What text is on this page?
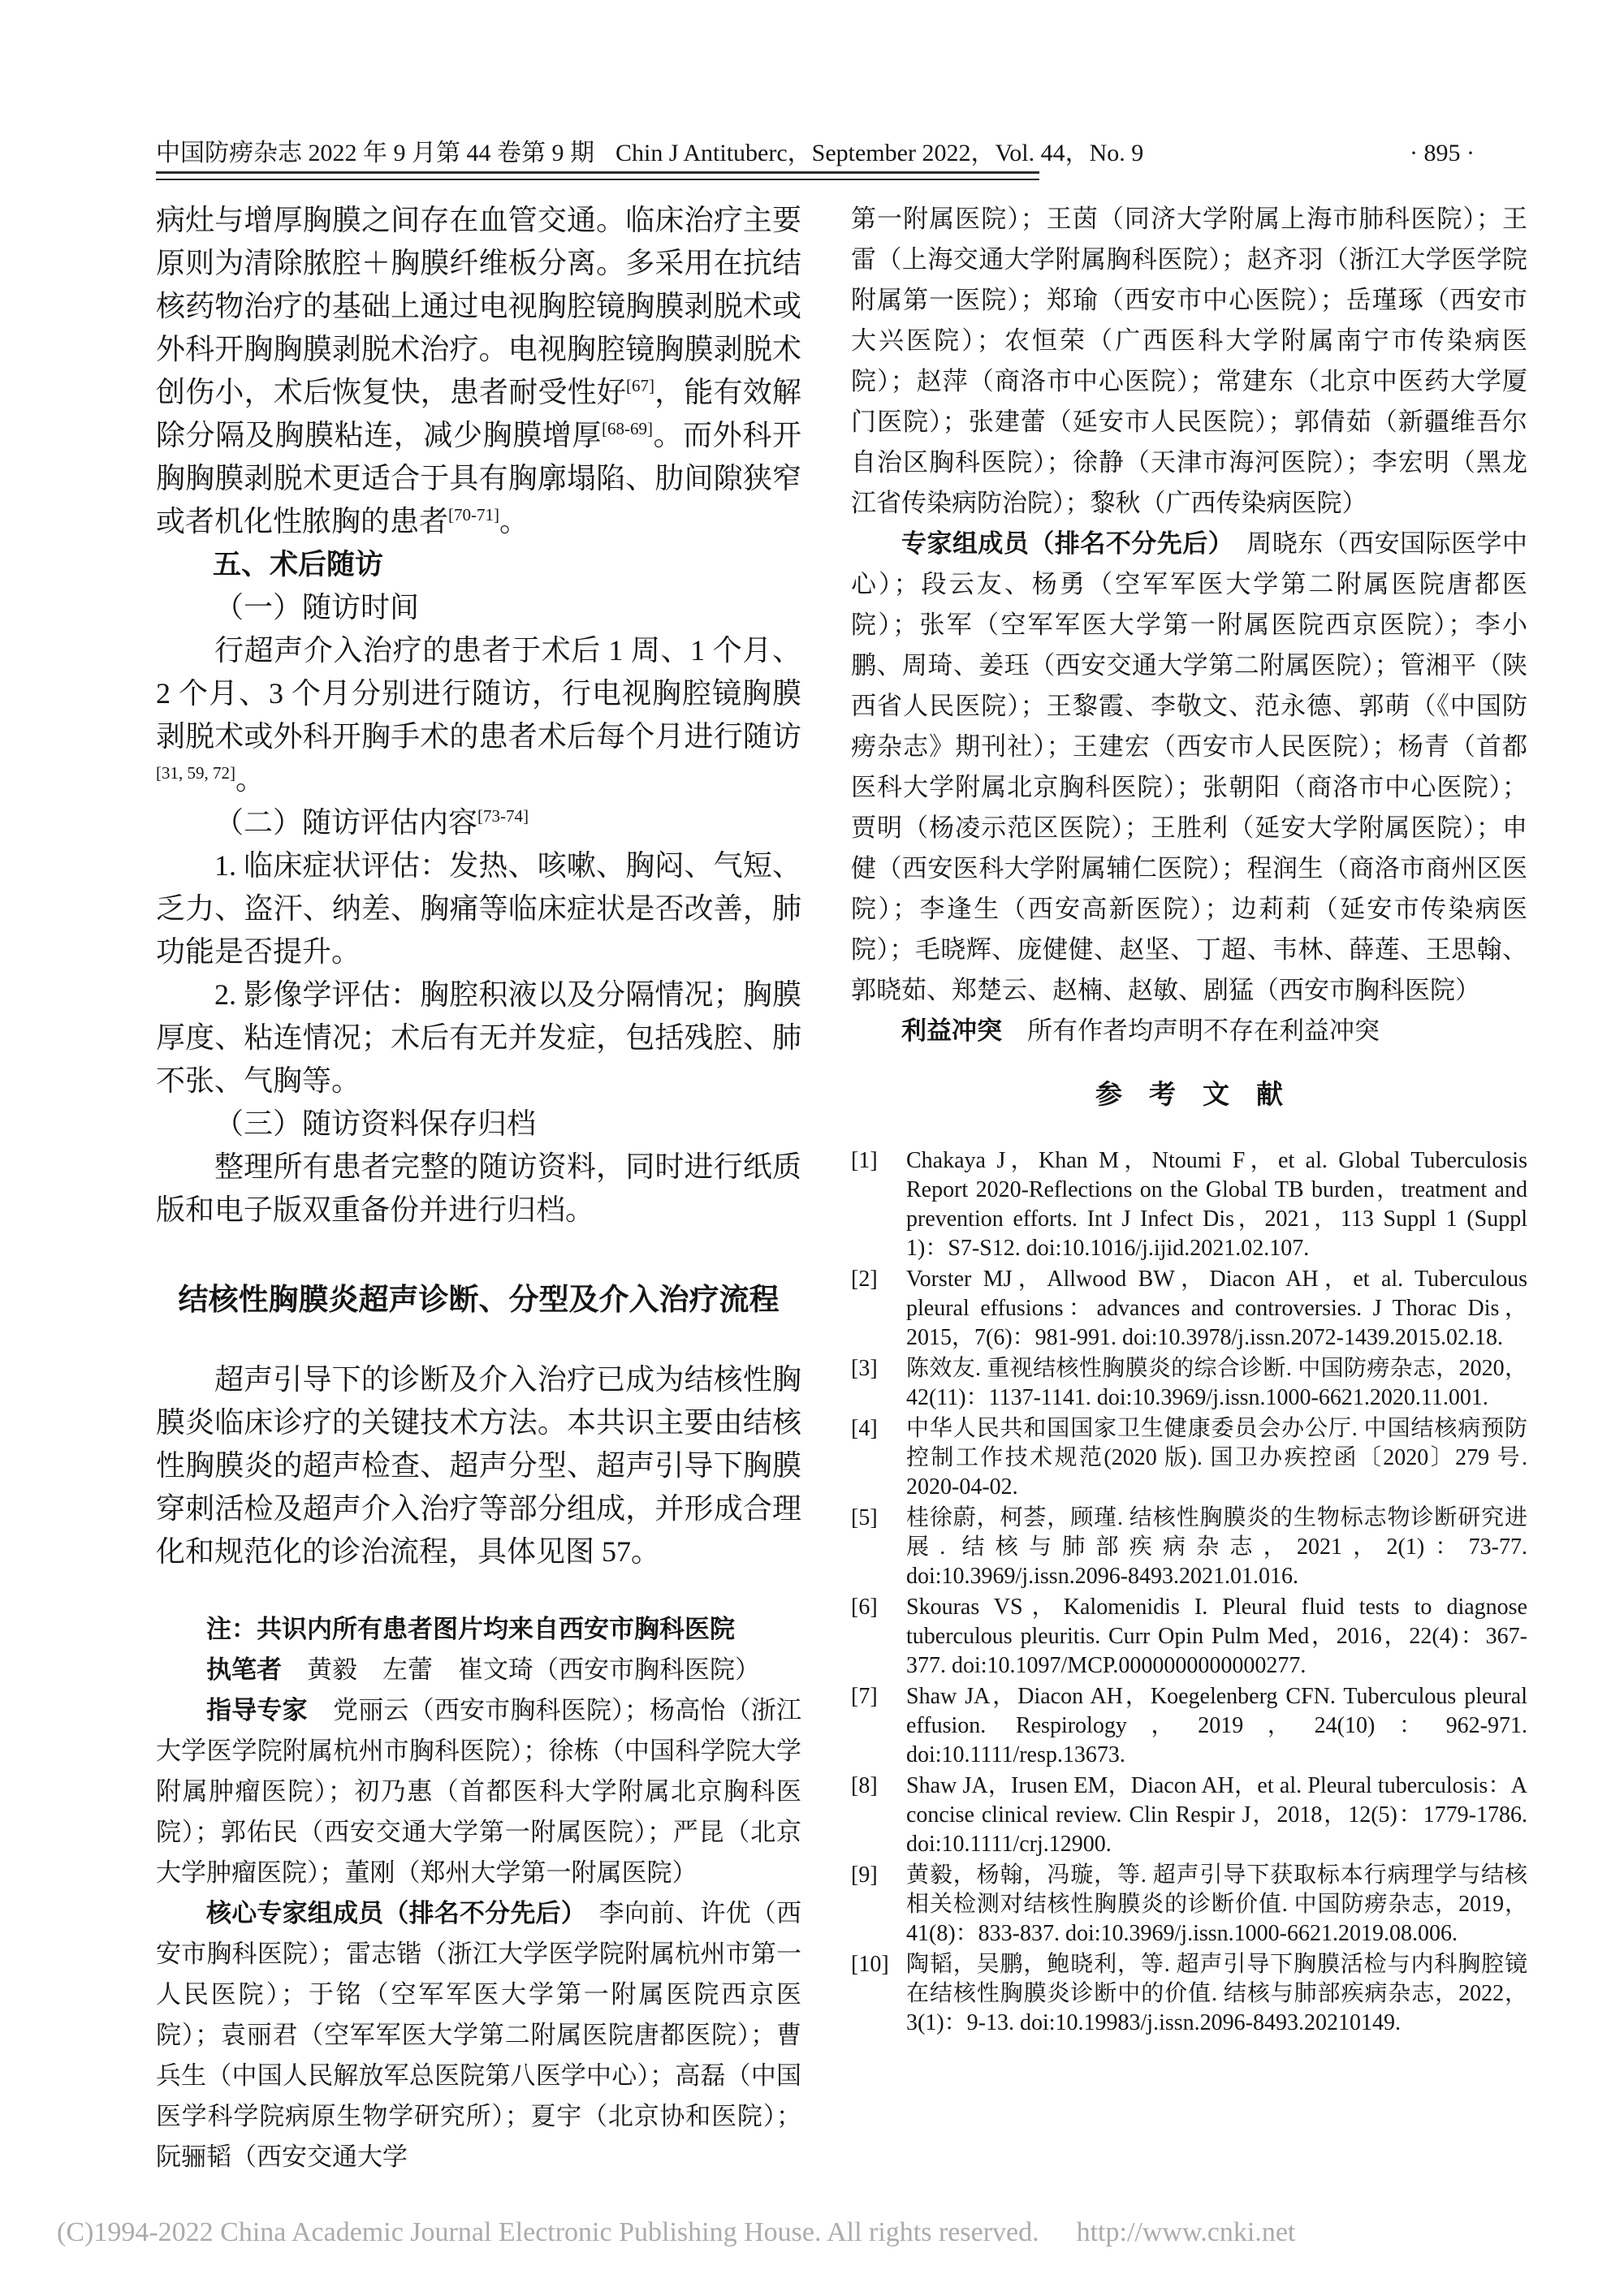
中国防痨杂志 2022 年 9 月第 44 卷第 9 期 Chin J Antituberc，September 2022，Vol. 44，No. 9	· 895 ·

病灶与增厚胸膜之间存在血管交通。临床治疗主要原则为清除脓腔＋胸膜纤维板分离。多采用在抗结核药物治疗的基础上通过电视胸腔镜胸膜剥脱术或外科开胸胸膜剥脱术治疗。电视胸腔镜胸膜剥脱术创伤小，术后恢复快，患者耐受性好[67]，能有效解除分隔及胸膜粘连，减少胸膜增厚[68-69]。而外科开胸胸膜剥脱术更适合于具有胸廓塌陷、肋间隙狭窄或者机化性脓胸的患者[70-71]。

五、术后随访

（一）随访时间

行超声介入治疗的患者于术后 1 周、1 个月、2 个月、3 个月分别进行随访，行电视胸腔镜胸膜剥脱术或外科开胸手术的患者术后每个月进行随访[31, 59, 72]。

（二）随访评估内容[73-74]

1. 临床症状评估：发热、咳嗽、胸闷、气短、乏力、盗汗、纳差、胸痛等临床症状是否改善，肺功能是否提升。

2. 影像学评估：胸腔积液以及分隔情况；胸膜厚度、粘连情况；术后有无并发症，包括残腔、肺不张、气胸等。

（三）随访资料保存归档

整理所有患者完整的随访资料，同时进行纸质版和电子版双重备份并进行归档。

结核性胸膜炎超声诊断、分型及介入治疗流程

超声引导下的诊断及介入治疗已成为结核性胸膜炎临床诊疗的关键技术方法。本共识主要由结核性胸膜炎的超声检查、超声分型、超声引导下胸膜穿刺活检及超声介入治疗等部分组成，并形成合理化和规范化的诊治流程，具体见图 57。

注：共识内所有患者图片均来自西安市胸科医院

执笔者　黄毅　左蕾　崔文琦（西安市胸科医院）

指导专家　党丽云（西安市胸科医院）；杨高怡（浙江大学医学院附属杭州市胸科医院）；徐栋（中国科学院大学附属肿瘤医院）；初乃惠（首都医科大学附属北京胸科医院）；郭佑民（西安交通大学第一附属医院）；严昆（北京大学肿瘤医院）；董刚（郑州大学第一附属医院）

核心专家组成员（排名不分先后）　李向前、许优（西安市胸科医院）；雷志锴（浙江大学医学院附属杭州市第一人民医院）；于铭（空军军医大学第一附属医院西京医院）；袁丽君（空军军医大学第二附属医院唐都医院）；曹兵生（中国人民解放军总医院第八医学中心）；高磊（中国医学科学院病原生物学研究所）；夏宇（北京协和医院）；阮骊韬（西安交通大学

第一附属医院）；王茵（同济大学附属上海市肺科医院）；王雷（上海交通大学附属胸科医院）；赵齐羽（浙江大学医学院附属第一医院）；郑瑜（西安市中心医院）；岳瑾琢（西安市大兴医院）；农恒荣（广西医科大学附属南宁市传染病医院）；赵萍（商洛市中心医院）；常建东（北京中医药大学厦门医院）；张建蕾（延安市人民医院）；郭倩茹（新疆维吾尔自治区胸科医院）；徐静（天津市海河医院）；李宏明（黑龙江省传染病防治院）；黎秋（广西传染病医院）

专家组成员（排名不分先后）　周晓东（西安国际医学中心）；段云友、杨勇（空军军医大学第二附属医院唐都医院）；张军（空军军医大学第一附属医院西京医院）；李小鹏、周琦、姜珏（西安交通大学第二附属医院）；管湘平（陕西省人民医院）；王黎霞、李敬文、范永德、郭萌（《中国防痨杂志》期刊社）；王建宏（西安市人民医院）；杨青（首都医科大学附属北京胸科医院）；张朝阳（商洛市中心医院）；贾明（杨凌示范区医院）；王胜利（延安大学附属医院）；申健（西安医科大学附属辅仁医院）；程润生（商洛市商州区医院）；李逢生（西安高新医院）；边莉莉（延安市传染病医院）；毛晓辉、庞健健、赵坚、丁超、韦林、薛莲、王思翰、郭晓茹、郑楚云、赵楠、赵敏、剧猛（西安市胸科医院）

利益冲突　所有作者均声明不存在利益冲突

参　考　文　献
[1] Chakaya J，Khan M，Ntoumi F，et al. Global Tuberculosis Report 2020-Reflections on the Global TB burden，treatment and prevention efforts. Int J Infect Dis，2021，113 Suppl 1 (Suppl 1)：S7-S12. doi:10.1016/j.ijid.2021.02.107.
[2] Vorster MJ，Allwood BW，Diacon AH，et al. Tuberculous pleural effusions：advances and controversies. J Thorac Dis，2015，7(6)：981-991. doi:10.3978/j.issn.2072-1439.2015.02.18.
[3] 陈效友. 重视结核性胸膜炎的综合诊断. 中国防痨杂志，2020，42(11)：1137-1141. doi:10.3969/j.issn.1000-6621.2020.11.001.
[4] 中华人民共和国国家卫生健康委员会办公厅. 中国结核病预防控制工作技术规范(2020 版). 国卫办疾控函〔2020〕279 号. 2020-04-02.
[5] 桂徐蔚，柯荟，顾瑾. 结核性胸膜炎的生物标志物诊断研究进展. 结核与肺部疾病杂志，2021，2(1)：73-77. doi:10.3969/j.issn.2096-8493.2021.01.016.
[6] Skouras VS，Kalomenidis I. Pleural fluid tests to diagnose tuberculous pleuritis. Curr Opin Pulm Med，2016，22(4)：367-377. doi:10.1097/MCP.0000000000000277.
[7] Shaw JA，Diacon AH，Koegelenberg CFN. Tuberculous pleural effusion. Respirology，2019，24(10)：962-971. doi:10.1111/resp.13673.
[8] Shaw JA，Irusen EM，Diacon AH，et al. Pleural tuberculosis：A concise clinical review. Clin Respir J，2018，12(5)：1779-1786. doi:10.1111/crj.12900.
[9] 黄毅，杨翰，冯璇，等. 超声引导下获取标本行病理学与结核相关检测对结核性胸膜炎的诊断价值. 中国防痨杂志，2019，41(8)：833-837. doi:10.3969/j.issn.1000-6621.2019.08.006.
[10] 陶韬，吴鹏，鲍晓利，等. 超声引导下胸膜活检与内科胸腔镜在结核性胸膜炎诊断中的价值. 结核与肺部疾病杂志，2022，3(1)：9-13. doi:10.19983/j.issn.2096-8493.20210149.
(C)1994-2022 China Academic Journal Electronic Publishing House. All rights reserved. http://www.cnki.net
